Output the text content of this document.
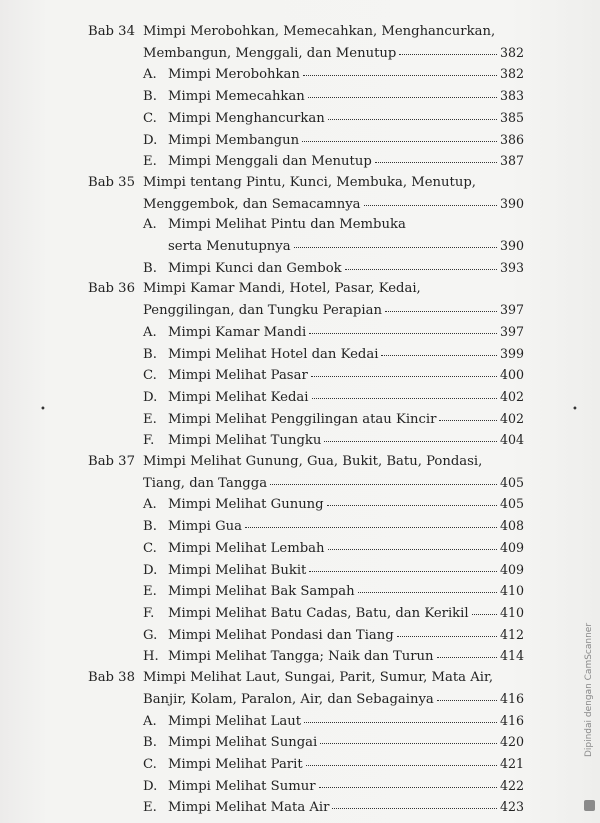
Bab 34 Mimpi Merobohkan, Memecahkan, Menghancurkan,
Membangun, Menggali, dan Menutup	382
A. Mimpi Merobohkan	382
B. Mimpi Memecahkan	383
C. Mimpi Menghancurkan	385
D. Mimpi Membangun	386
E. Mimpi Menggali dan Menutup	387
Bab 35 Mimpi tentang Pintu, Kunci, Membuka, Menutup,
Menggembok, dan Semacamnya	390
A. Mimpi Melihat Pintu dan Membuka
serta Menutupnya	390
B. Mimpi Kunci dan Gembok	393
Bab 36 Mimpi Kamar Mandi, Hotel, Pasar, Kedai,
Penggilingan, dan Tungku Perapian	397
A. Mimpi Kamar Mandi	397
B. Mimpi Melihat Hotel dan Kedai	399
C. Mimpi Melihat Pasar	400
D. Mimpi Melihat Kedai	402
E. Mimpi Melihat Penggilingan atau Kincir	402
F.	Mimpi Melihat Tungku	404
Bab 37 Mimpi Melihat Gunung, Gua, Bukit, Batu, Pondasi,
Tiang, dan Tangga	405
A. Mimpi Melihat Gunung	405
B. Mimpi Gua	408
C. Mimpi Melihat Lembah	409
D. Mimpi Melihat Bukit	409
E. Mimpi Melihat Bak Sampah	410
F.	Mimpi Melihat Batu Cadas, Batu, dan Kerikil 410
G. Mimpi Melihat Pondasi dan Tiang	412
H. Mimpi Melihat Tangga; Naik dan Turun	414
Bab 38 Mimpi Melihat Laut, Sungai, Parit, Sumur, Mata Air,
Banjir, Kolam, Paralon, Air, dan Sebagainya	416
A. Mimpi Melihat Laut	416
B. Mimpi Melihat Sungai	420
C. Mimpi Melihat Parit	421
D. Mimpi Melihat Sumur	422
E. Mimpi Melihat Mata Air	423
•	•
Dipindai dengan CamScanner
